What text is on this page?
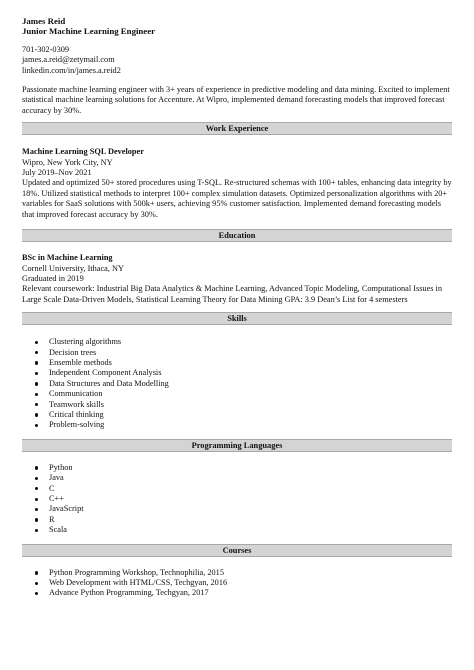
James Reid
Junior Machine Learning Engineer
701-302-0309
james.a.reid@zetymail.com
linkedin.com/in/james.a.reid2

Passionate machine learning engineer with 3+ years of experience in predictive modeling and data mining. Excited to implement statistical machine learning solutions for Accenture. At Wipro, implemented demand forecasting models that improved forecast accuracy by 30%.

Work Experience
Machine Learning SQL Developer
Wipro, New York City, NY
July 2019–Nov 2021

Updated and optimized 50+ stored procedures using T-SQL. Re-structured schemas with 100+ tables, enhancing data integrity by 18%. Utilized statistical methods to interpret 100+ complex simulation datasets. Optimized personalization algorithms with 20+ variables for SaaS solutions with 500k+ users, achieving 95% customer satisfaction. Implemented demand forecasting models that improved forecast accuracy by 30%.

Education
BSc in Machine Learning
Cornell University, Ithaca, NY
Graduated in 2019

Relevant coursework: Industrial Big Data Analytics & Machine Learning, Advanced Topic Modeling, Computational Issues in Large Scale Data-Driven Models, Statistical Learning Theory for Data Mining GPA: 3.9 Dean’s List for 4 semesters

Skills
Clustering algorithms
Decision trees
Ensemble methods
Independent Component Analysis
Data Structures and Data Modelling
Communication
Teamwork skills
Critical thinking
Problem-solving
Programming Languages
Python
Java
C
C++
JavaScript
R
Scala
Courses
Python Programming Workshop, Technophilia, 2015
Web Development with HTML/CSS, Techgyan, 2016
Advance Python Programming, Techgyan, 2017
